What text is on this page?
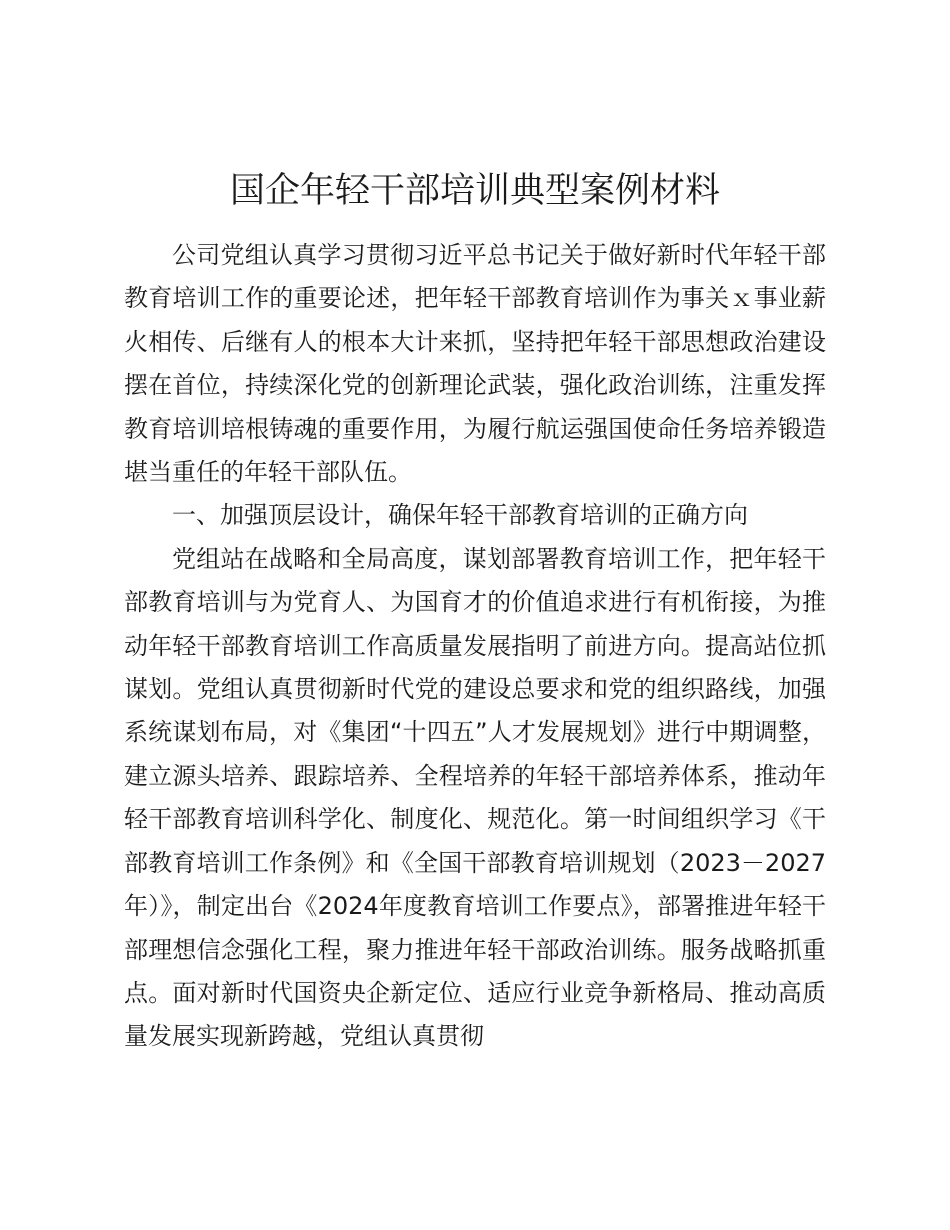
国企年轻干部培训典型案例材料

公司党组认真学习贯彻习近平总书记关于做好新时代年轻干部教育培训工作的重要论述，把年轻干部教育培训作为事关ｘ事业薪火相传、后继有人的根本大计来抓，坚持把年轻干部思想政治建设摆在首位，持续深化党的创新理论武装，强化政治训练，注重发挥教育培训培根铸魂的重要作用，为履行航运强国使命任务培养锻造堪当重任的年轻干部队伍。

一、加强顶层设计，确保年轻干部教育培训的正确方向

党组站在战略和全局高度，谋划部署教育培训工作，把年轻干部教育培训与为党育人、为国育才的价值追求进行有机衔接，为推动年轻干部教育培训工作高质量发展指明了前进方向。提高站位抓谋划。党组认真贯彻新时代党的建设总要求和党的组织路线，加强系统谋划布局，对《集团“十四五”人才发展规划》进行中期调整，建立源头培养、跟踪培养、全程培养的年轻干部培养体系，推动年轻干部教育培训科学化、制度化、规范化。第一时间组织学习《干部教育培训工作条例》和《全国干部教育培训规划（2023－2027年）》，制定出台《2024年度教育培训工作要点》，部署推进年轻干部理想信念强化工程，聚力推进年轻干部政治训练。服务战略抓重点。面对新时代国资央企新定位、适应行业竞争新格局、推动高质量发展实现新跨越，党组认真贯彻
